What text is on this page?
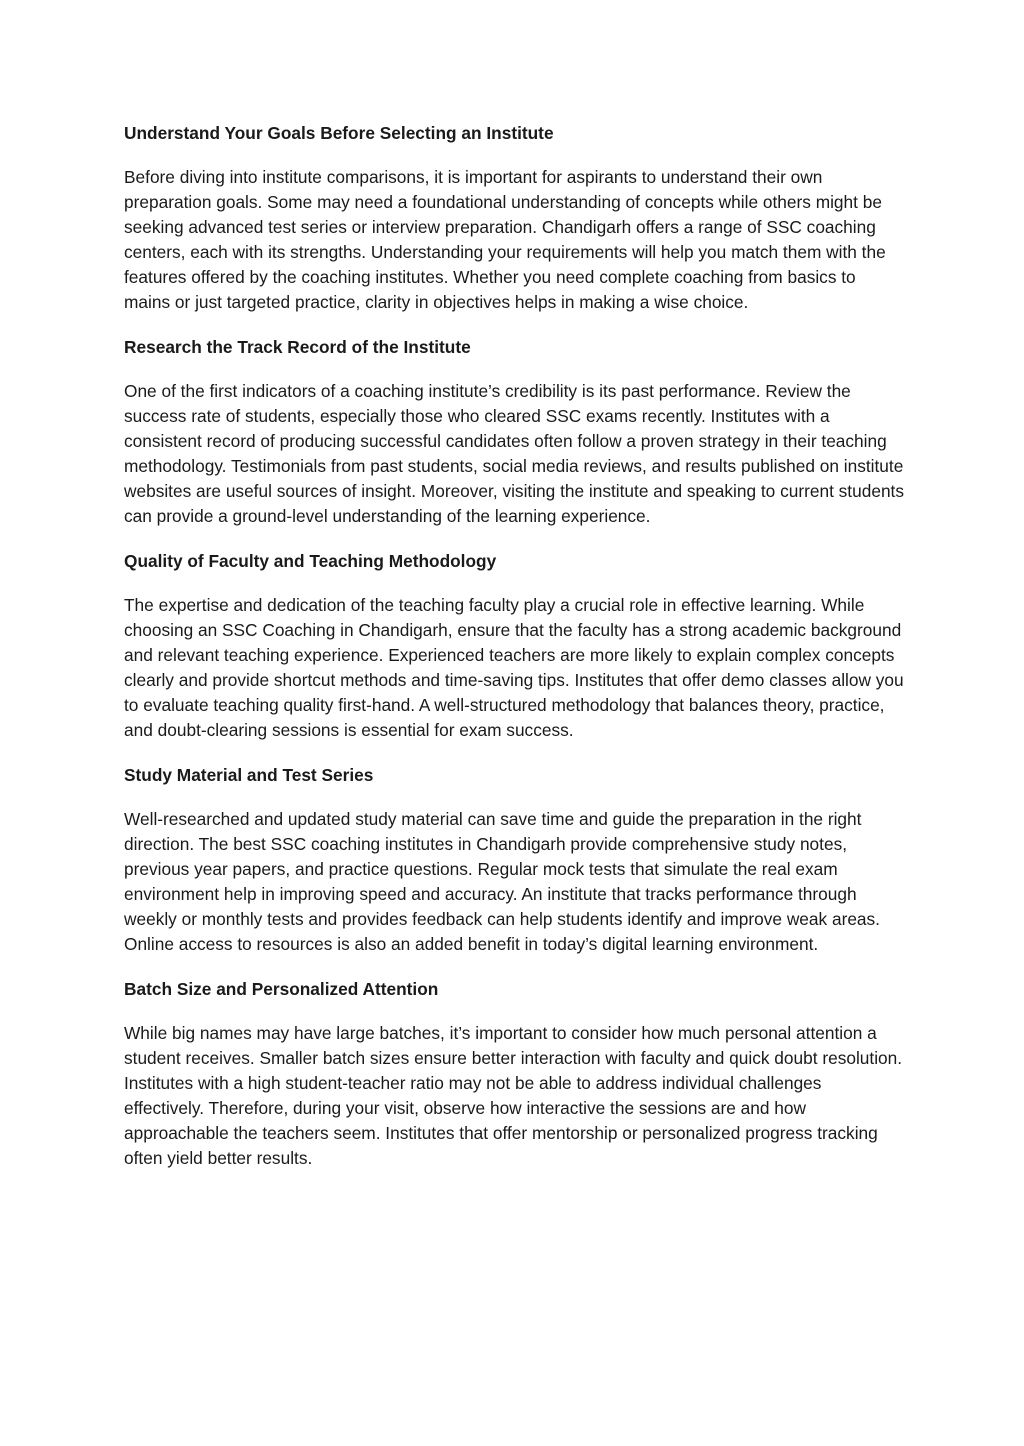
Understand Your Goals Before Selecting an Institute

Before diving into institute comparisons, it is important for aspirants to understand their own preparation goals. Some may need a foundational understanding of concepts while others might be seeking advanced test series or interview preparation. Chandigarh offers a range of SSC coaching centers, each with its strengths. Understanding your requirements will help you match them with the features offered by the coaching institutes. Whether you need complete coaching from basics to mains or just targeted practice, clarity in objectives helps in making a wise choice.

Research the Track Record of the Institute

One of the first indicators of a coaching institute’s credibility is its past performance. Review the success rate of students, especially those who cleared SSC exams recently. Institutes with a consistent record of producing successful candidates often follow a proven strategy in their teaching methodology. Testimonials from past students, social media reviews, and results published on institute websites are useful sources of insight. Moreover, visiting the institute and speaking to current students can provide a ground-level understanding of the learning experience.

Quality of Faculty and Teaching Methodology

The expertise and dedication of the teaching faculty play a crucial role in effective learning. While choosing an SSC Coaching in Chandigarh, ensure that the faculty has a strong academic background and relevant teaching experience. Experienced teachers are more likely to explain complex concepts clearly and provide shortcut methods and time-saving tips. Institutes that offer demo classes allow you to evaluate teaching quality first-hand. A well-structured methodology that balances theory, practice, and doubt-clearing sessions is essential for exam success.

Study Material and Test Series

Well-researched and updated study material can save time and guide the preparation in the right direction. The best SSC coaching institutes in Chandigarh provide comprehensive study notes, previous year papers, and practice questions. Regular mock tests that simulate the real exam environment help in improving speed and accuracy. An institute that tracks performance through weekly or monthly tests and provides feedback can help students identify and improve weak areas. Online access to resources is also an added benefit in today’s digital learning environment.

Batch Size and Personalized Attention

While big names may have large batches, it’s important to consider how much personal attention a student receives. Smaller batch sizes ensure better interaction with faculty and quick doubt resolution. Institutes with a high student-teacher ratio may not be able to address individual challenges effectively. Therefore, during your visit, observe how interactive the sessions are and how approachable the teachers seem. Institutes that offer mentorship or personalized progress tracking often yield better results.
